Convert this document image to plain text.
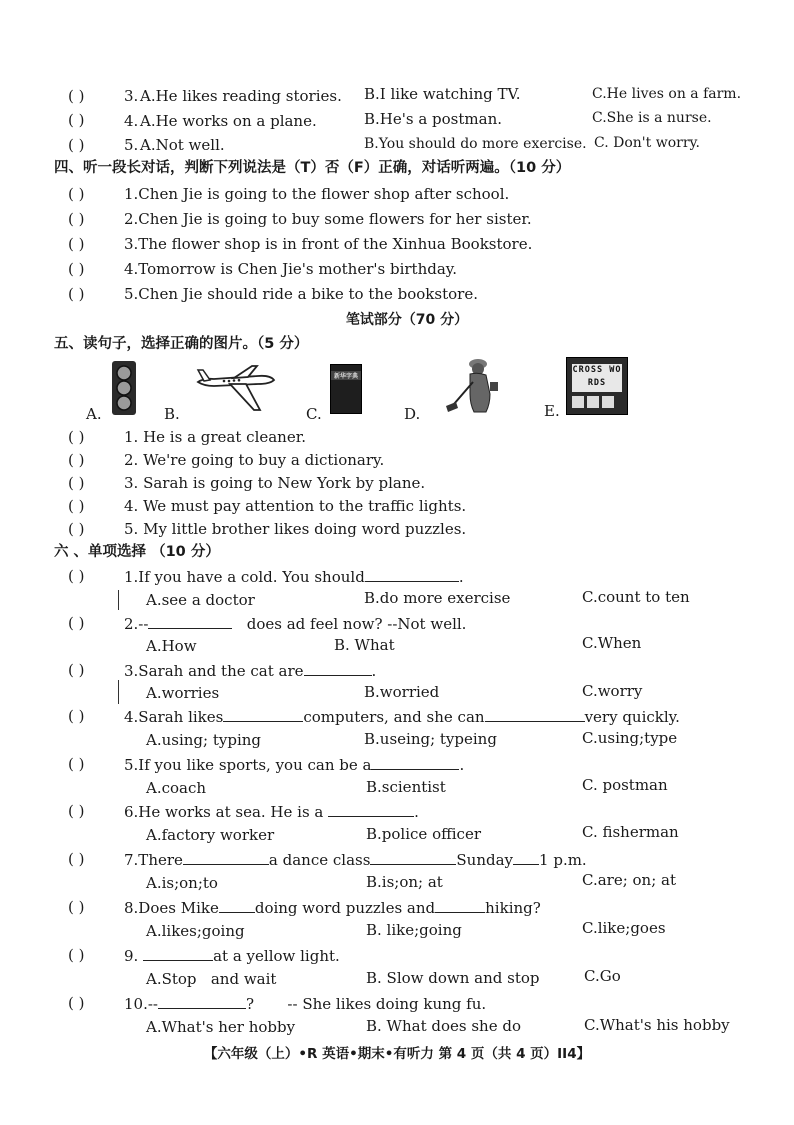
( )	3. A.He likes reading stories. B.I like watching TV.	C.He lives on a farm.
( )	4. A.He works on a plane.	B.He's a postman.	C.She is a nurse.
( )	5. A.Not well.	B.You should do more exercise. C. Don't worry.
四、听一段长对话，判断下列说法是（T）否（F）正确，对话听两遍。（10 分）
( )	1.Chen Jie is going to the flower shop after school.
( )	2.Chen Jie is going to buy some flowers for her sister.
( )	3.The flower shop is in front of the Xinhua Bookstore.
( )	4.Tomorrow is Chen Jie's mother's birthday.
( )	5.Chen Jie should ride a bike to the bookstore.
笔试部分（70 分）
五、读句子，选择正确的图片。（5 分）
A.	B.	C.
新华字典
D.	E.
CROSS WORDS
( )	1. He is a great cleaner.
( )	2. We're going to buy a dictionary.
( )	3. Sarah is going to New York by plane.
( )	4. We must pay attention to the traffic lights.
( )	5. My little brother likes doing word puzzles.
六 、单项选择 （10 分）
( )	1.If you have a cold. You should	.
A.see a doctor	B.do more exercise	C.count to ten
( )	2.--	does ad feel now? --Not well.
A.How	B. What	C.When
( )	3.Sarah and the cat are	.
A.worries	B.worried	C.worry
( )	4.Sarah likes	computers, and she can	very quickly.
A.using; typing	B.useing; typeing	C.using;type
( )	5.If you like sports, you can be a	.
A.coach	B.scientist	C. postman
( )	6.He works at sea. He is a	.
A.factory worker	B.police officer	C. fisherman
( )	7.There	a dance class	Sunday 1 p.m.
A.is;on;to	B.is;on; at	C.are; on; at
( )	8.Does Mike doing word puzzles and	hiking?
A.likes;going	B. like;going	C.like;goes
( )	9.	at a yellow light.
A.Stop   and wait	B. Slow down and stop	C.Go
( )	10.--	?       -- She likes doing kung fu.
A.What's her hobby	B. What does she do	C.What's his hobby
【六年级（上）•R 英语•期末•有听力 第 4 页（共 4 页）II4】
